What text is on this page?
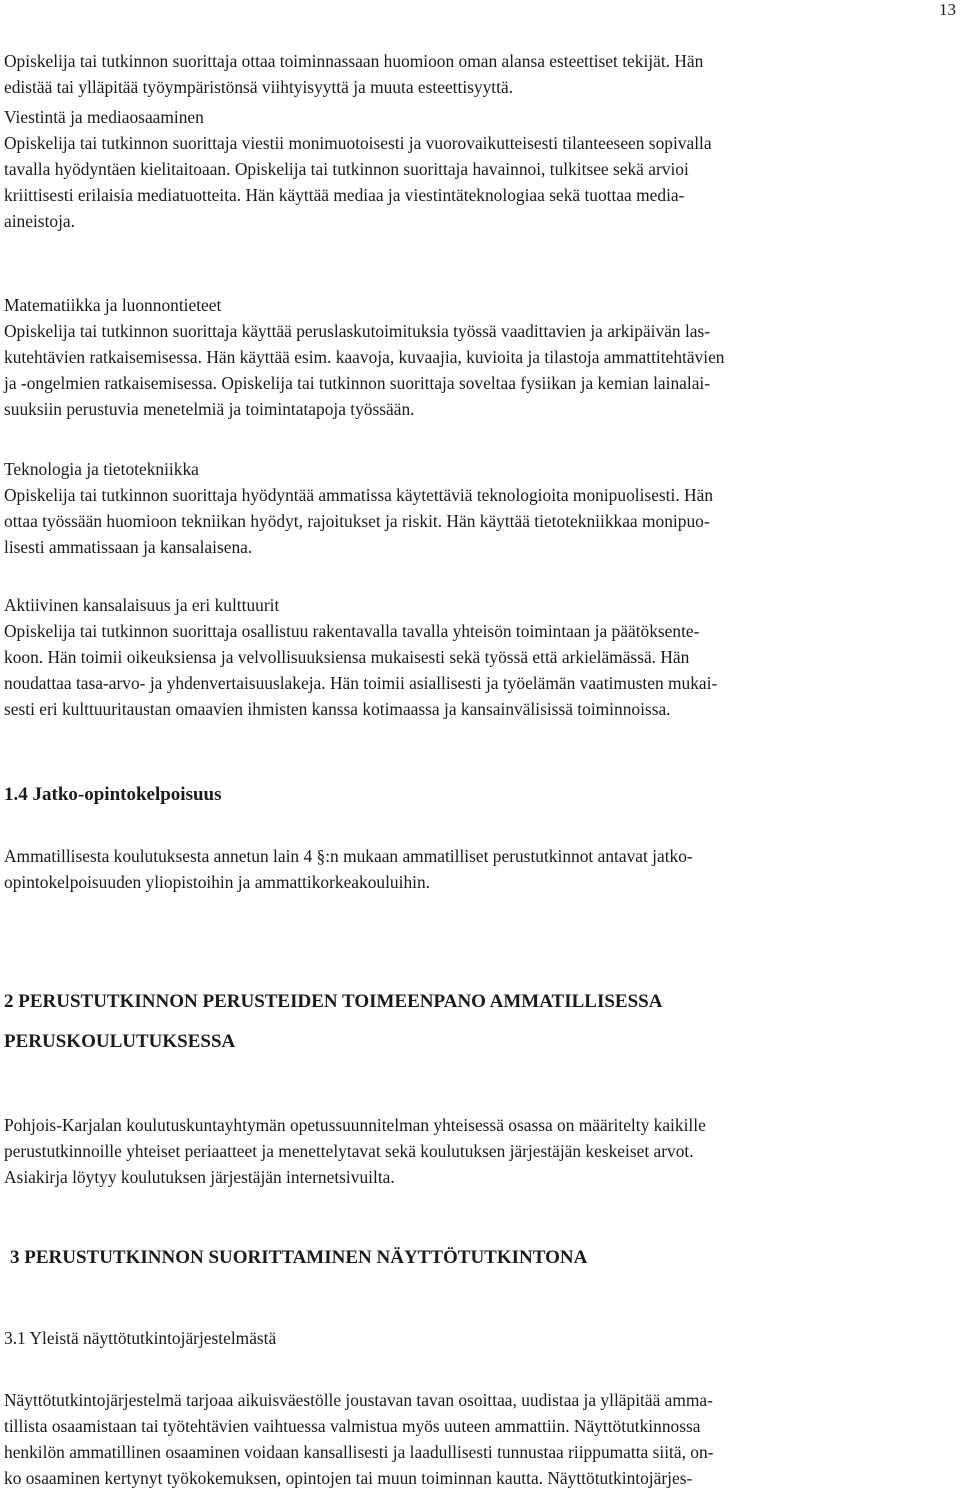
13
Opiskelija tai tutkinnon suorittaja ottaa toiminnassaan huomioon oman alansa esteettiset tekijät. Hän
edistää tai ylläpitää työympäristönsä viihtyisyyttä ja muuta esteettisyyttä.
Viestintä ja mediaosaaminen
Opiskelija tai tutkinnon suorittaja viestii monimuotoisesti ja vuorovaikutteisesti tilanteeseen sopivalla
tavalla hyödyntäen kielitaitoaan. Opiskelija tai tutkinnon suorittaja havainnoi, tulkitsee sekä arvioi
kriittisesti erilaisia mediatuotteita. Hän käyttää mediaa ja viestintäteknologiaa sekä tuottaa media-
aineistoja.
Matematiikka ja luonnontieteet
Opiskelija tai tutkinnon suorittaja käyttää peruslaskutoimituksia työssä vaadittavien ja arkipäivän las-
kutehtävien ratkaisemisessa. Hän käyttää esim. kaavoja, kuvaajia, kuvioita ja tilastoja ammattitehtävien
ja -ongelmien ratkaisemisessa. Opiskelija tai tutkinnon suorittaja soveltaa fysiikan ja kemian lainalai-
suuksiin perustuvia menetelmiä ja toimintatapoja työssään.
Teknologia ja tietotekniikka
Opiskelija tai tutkinnon suorittaja hyödyntää ammatissa käytettäviä teknologioita monipuolisesti. Hän
ottaa työssään huomioon tekniikan hyödyt, rajoitukset ja riskit. Hän käyttää tietotekniikkaa monipuo-
lisesti ammatissaan ja kansalaisena.
Aktiivinen kansalaisuus ja eri kulttuurit
Opiskelija tai tutkinnon suorittaja osallistuu rakentavalla tavalla yhteisön toimintaan ja päätöksente-
koon. Hän toimii oikeuksiensa ja velvollisuuksiensa mukaisesti sekä työssä että arkielämässä. Hän
noudattaa tasa-arvo- ja yhdenvertaisuuslakeja. Hän toimii asiallisesti ja työelämän vaatimusten mukai-
sesti eri kulttuuritaustan omaavien ihmisten kanssa kotimaassa ja kansainvälisissä toiminnoissa.
1.4 Jatko-opintokelpoisuus
Ammatillisesta koulutuksesta annetun lain 4 §:n mukaan ammatilliset perustutkinnot antavat jatko-
opintokelpoisuuden yliopistoihin ja ammattikorkeakouluihin.
2 PERUSTUTKINNON PERUSTEIDEN TOIMEENPANO AMMATILLISESSA
PERUSKOULUTUKSESSA
Pohjois-Karjalan koulutuskuntayhtymän opetussuunnitelman yhteisessä osassa on määritelty kaikille
perustutkinnoille yhteiset periaatteet ja menettelytavat sekä koulutuksen järjestäjän keskeiset arvot.
Asiakirja löytyy koulutuksen järjestäjän internetsivuilta.
3 PERUSTUTKINNON SUORITTAMINEN NÄYTTÖTUTKINTONA
3.1 Yleistä näyttötutkintojärjestelmästä
Näyttötutkintojärjestelmä tarjoaa aikuisväestölle joustavan tavan osoittaa, uudistaa ja ylläpitää amma-
tillista osaamistaan tai työtehtävien vaihtuessa valmistua myös uuteen ammattiin. Näyttötutkinnossa
henkilön ammatillinen osaaminen voidaan kansallisesti ja laadullisesti tunnustaa riippumatta siitä, on-
ko osaaminen kertynyt työkokemuksen, opintojen tai muun toiminnan kautta. Näyttötutkintojärjes-
